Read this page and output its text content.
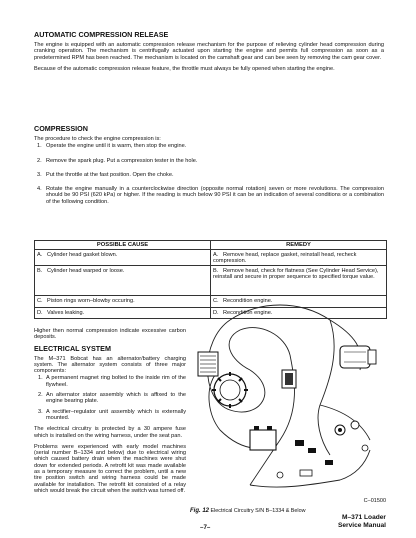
AUTOMATIC COMPRESSION RELEASE

The engine is equipped with an automatic compression release mechanism for the purpose of relieving cylinder head compression during cranking operation. The mechanism is centrifugally actuated upon starting the engine and permits full compression as soon as a predetermined RPM has been reached. The mechanism is located on the camshaft gear and can bee seen by removing the cam gear cover.

Because of the automatic compression release feature, the throttle must always be fully opened when starting the engine.

COMPRESSION

The procedure to check the engine compression is:

1. Operate the engine until it is warm, then stop the engine.
2. Remove the spark plug. Put a compression tester in the hole.
3. Put the throttle at the fast position. Open the choke.
4. Rotate the engine manually in a counterclockwise direction (opposite normal rotation) seven or more revolutions. The compression should be 90 PSI (620 kPa) or higher. If the reading is much below 90 PSI it can be an indication of several conditions or a combination of the following condition.
POSSIBLE CAUSE	REMEDY
A. Cylinder head gasket blown.	A. Remove head, replace gasket, reinstall head, recheck compression.
B. Cylinder head warped or loose.	B. Remove head, check for flatness (See Cylinder Head Service), reinstall and secure in proper sequence to specified torque value.
C. Piston rings worn–blowby occuring.	C. Recondition engine.
D. Valves leaking.	D. Recondition engine.

Higher then normal compression indicate excessive carbon deposits.

ELECTRICAL SYSTEM

The M–371 Bobcat has an alternator/battery charging system. The alternator system consists of three major components:

1. A permanent magnet ring bolted to the inside rim of the flywheel.
2. An alternator stator assembly which is affixed to the engine bearing plate.
3. A rectifier–regulator unit assembly which is externally mounted.

The electrical circuitry is protected by a 30 ampere fuse which is installed on the wiring harness, under the seat pan.

Problems were experienced with early model machines (serial number B–1334 and below) due to electrical wiring which caused battery drain when the machines were shut down for extended periods. A retrofit kit was made available as a temporary measure to correct the problem, until a new tire position switch and wiring harness could be made available for installation. The retrofit kit consisted of a relay which would break the circuit when the switch was turned off.

C–01500
Fig. 12 Electrical Circuitry S/N B–1334 & Below
–7–
M–371 Loader
Service Manual
